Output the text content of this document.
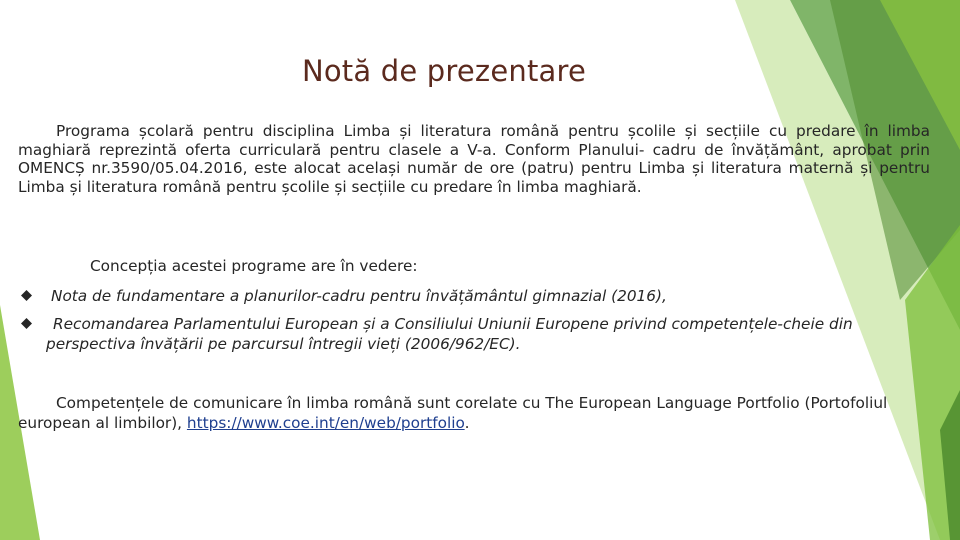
Notă de prezentare

Programa școlară pentru disciplina Limba și literatura română pentru școlile și secțiile cu predare în limba maghiară reprezintă oferta curriculară pentru clasele a V-a. Conform Planului- cadru de învățământ, aprobat prin OMENCȘ nr.3590/05.04.2016, este alocat același număr de ore (patru) pentru Limba și literatura maternă și pentru Limba și literatura română pentru școlile și secțiile cu predare în limba maghiară.

Concepția acestei programe are în vedere:

Nota de fundamentare a planurilor-cadru pentru învățământul gimnazial (2016),
Recomandarea Parlamentului European și a Consiliului Uniunii Europene privind competențele-cheie din perspectiva învățării pe parcursul întregii vieți (2006/962/EC).

Competențele de comunicare în limba română sunt corelate cu The European Language Portfolio (Portofoliul european al limbilor), https://www.coe.int/en/web/portfolio.
